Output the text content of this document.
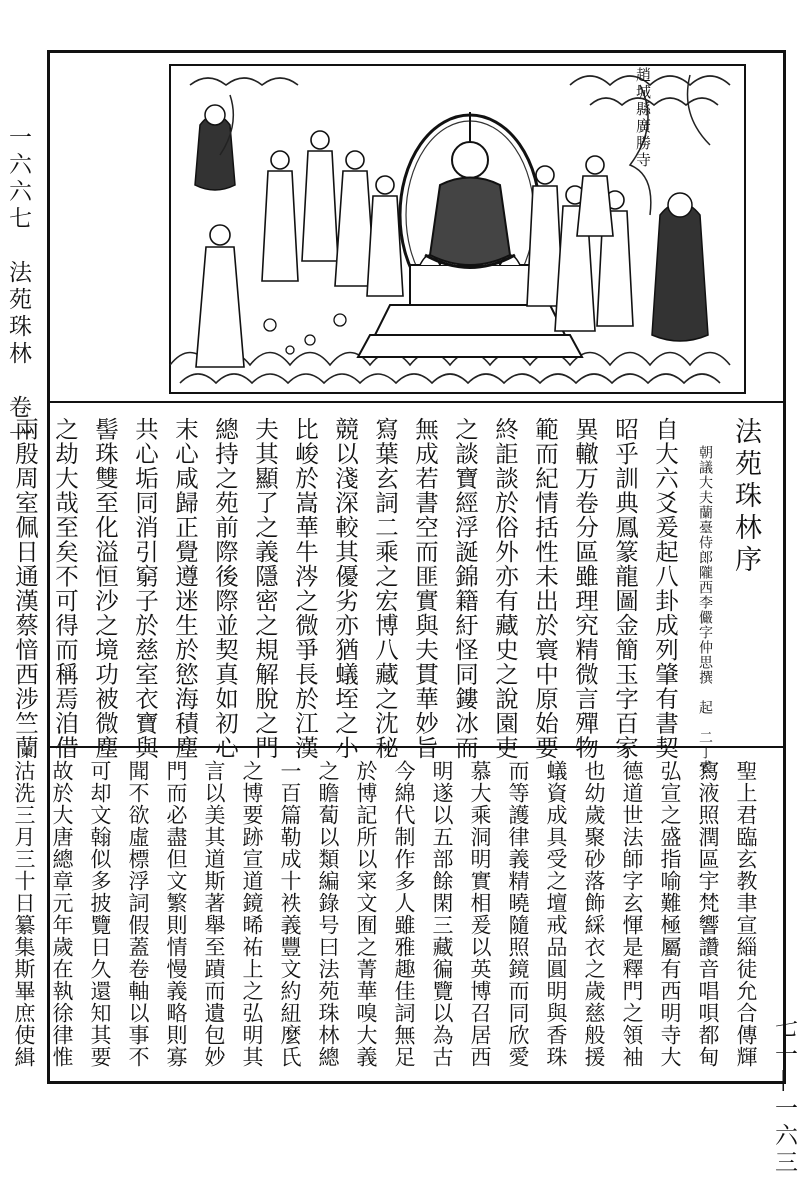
一六六七　法苑珠林　卷一
七一—一六三
趙城縣廣勝寺
法苑珠林序
朝議大夫蘭臺侍郎隴西李儼字仲思撰　起　二丁表
自大六爻爰起八卦成列肇有書契
昭乎訓典鳳篆龍圖金簡玉字百家
異轍万卷分區雖理究精微言殫物
範而紀情括性未出於寰中原始要
終詎談於俗外亦有藏史之說園吏
之談寶經浮誕錦籍紆怪同鏤冰而
無成若書空而匪實與夫貫華妙旨
寫葉玄詞二乘之宏博八藏之沈秘
競以淺深較其優劣亦猶蟻垤之小
比峻於嵩華牛涔之微爭長於江漢
夫其顯了之義隱密之規解脫之門
總持之苑前際後際並契真如初心
末心咸歸正覺遵迷生於慾海積塵
共心垢同消引窮子於慈室衣寶與
髻珠雙至化溢恒沙之境功被微塵
之劫大哉至矣不可得而稱焉洎借
兩殷周室佩日通漢蔡愔西涉竺蘭
聖上君臨玄教聿宣緇徒允合傳輝
寫液照潤區宇梵響讚音唱唄都甸
弘宣之盛指喻難極屬有西明寺大
德道世法師字玄惲是釋門之領袖
也幼歲聚砂落飾綵衣之歲慈般援
蟻資成具受之壇戒品圓明與香珠
而等護律義精曉隨照鏡而同欣愛
慕大乘洞明實相爰以英博召居西
明遂以五部餘閑三藏徧覽以為古
今綿代制作多人雖雅趣佳詞無足
於博記所以寀文囿之菁華嗅大義
之瞻蔔以類編錄号曰法苑珠林總
一百篇勒成十袟義豐文約紐麼氏
之博要跡宣道鏡晞祐上之弘明其
言以美其道斯著舉至蹟而遺包妙
門而必盡但文繁則情慢義略則寡
聞不欲虛標浮詞假蓋卷軸以事不
可却文翰似多披覽日久還知其要
故於大唐總章元年歲在執徐律惟
沽洗三月三十日纂集斯畢庶使緝
